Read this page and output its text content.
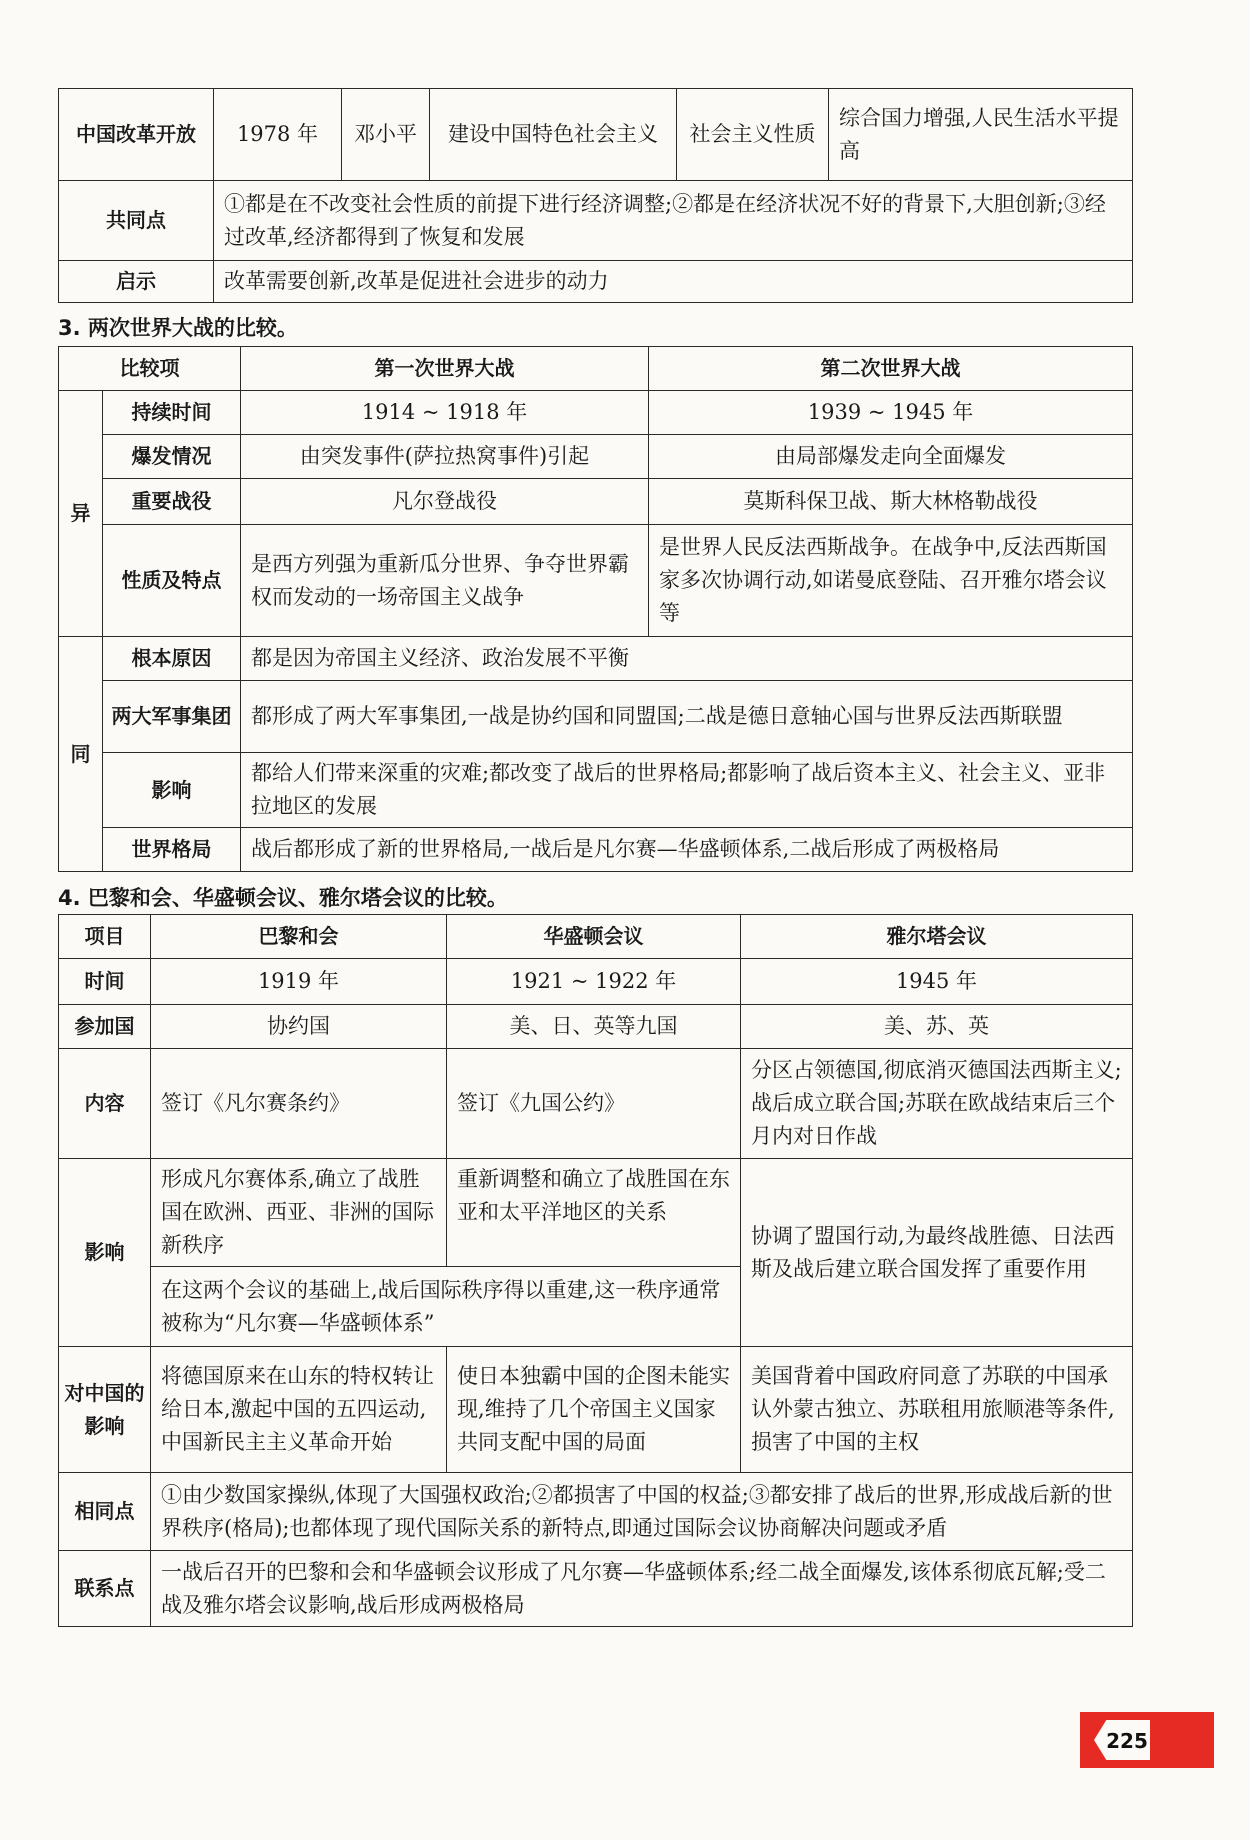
中国改革开放	1978 年	邓小平	建设中国特色社会主义	社会主义性质	综合国力增强,人民生活水平提高
共同点	①都是在不改变社会性质的前提下进行经济调整;②都是在经济状况不好的背景下,大胆创新;③经过改革,经济都得到了恢复和发展				
启示	改革需要创新,改革是促进社会进步的动力				
3. 两次世界大战的比较。
比较项		第一次世界大战	第二次世界大战
异	持续时间	1914 ~ 1918 年	1939 ~ 1945 年
	爆发情况	由突发事件(萨拉热窝事件)引起	由局部爆发走向全面爆发
	重要战役	凡尔登战役	莫斯科保卫战、斯大林格勒战役
	性质及特点	是西方列强为重新瓜分世界、争夺世界霸权而发动的一场帝国主义战争	是世界人民反法西斯战争。在战争中,反法西斯国家多次协调行动,如诺曼底登陆、召开雅尔塔会议等
同	根本原因	都是因为帝国主义经济、政治发展不平衡	
	两大军事集团	都形成了两大军事集团,一战是协约国和同盟国;二战是德日意轴心国与世界反法西斯联盟	
	影响	都给人们带来深重的灾难;都改变了战后的世界格局;都影响了战后资本主义、社会主义、亚非拉地区的发展	
	世界格局	战后都形成了新的世界格局,一战后是凡尔赛—华盛顿体系,二战后形成了两极格局	
4. 巴黎和会、华盛顿会议、雅尔塔会议的比较。
项目	巴黎和会	华盛顿会议	雅尔塔会议
时间	1919 年	1921 ~ 1922 年	1945 年
参加国	协约国	美、日、英等九国	美、苏、英
内容	签订《凡尔赛条约》	签订《九国公约》	分区占领德国,彻底消灭德国法西斯主义;战后成立联合国;苏联在欧战结束后三个月内对日作战
影响	形成凡尔赛体系,确立了战胜国在欧洲、西亚、非洲的国际新秩序	重新调整和确立了战胜国在东亚和太平洋地区的关系	协调了盟国行动,为最终战胜德、日法西斯及战后建立联合国发挥了重要作用
	在这两个会议的基础上,战后国际秩序得以重建,这一秩序通常被称为“凡尔赛—华盛顿体系”		
对中国的影响	将德国原来在山东的特权转让给日本,激起中国的五四运动,中国新民主主义革命开始	使日本独霸中国的企图未能实现,维持了几个帝国主义国家共同支配中国的局面	美国背着中国政府同意了苏联的中国承认外蒙古独立、苏联租用旅顺港等条件,损害了中国的主权
相同点	①由少数国家操纵,体现了大国强权政治;②都损害了中国的权益;③都安排了战后的世界,形成战后新的世界秩序(格局);也都体现了现代国际关系的新特点,即通过国际会议协商解决问题或矛盾		
联系点	一战后召开的巴黎和会和华盛顿会议形成了凡尔赛—华盛顿体系;经二战全面爆发,该体系彻底瓦解;受二战及雅尔塔会议影响,战后形成两极格局		
225
